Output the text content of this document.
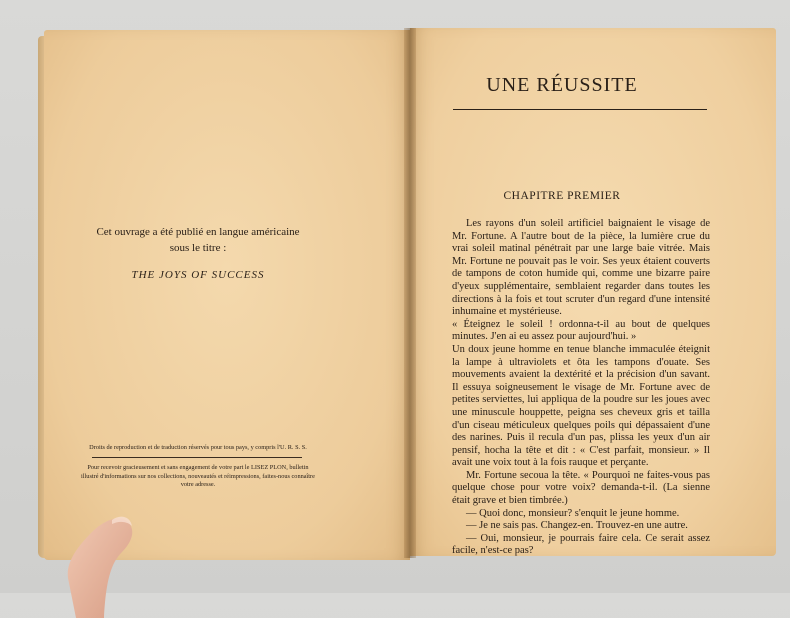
Cet ouvrage a été publié en langue américaine
sous le titre :
THE JOYS OF SUCCESS
Droits de reproduction et de traduction réservés pour tous pays, y compris l'U. R. S. S.
Pour recevoir gracieusement et sans engagement de votre part le LISEZ PLON, bulletin illustré d'informations sur nos collections, nouveautés et réimpressions, faites-nous connaître votre adresse.
UNE RÉUSSITE
CHAPITRE PREMIER

Les rayons d'un soleil artificiel baignaient le visage de Mr. Fortune. A l'autre bout de la pièce, la lumière crue du vrai soleil matinal pénétrait par une large baie vitrée. Mais Mr. Fortune ne pouvait pas le voir. Ses yeux étaient couverts de tampons de coton humide qui, comme une bizarre paire d'yeux supplémentaire, semblaient regarder dans toutes les directions à la fois et tout scruter d'un regard d'une intensité inhumaine et mystérieuse.

« Éteignez le soleil ! ordonna-t-il au bout de quelques minutes. J'en ai eu assez pour aujourd'hui. »

Un doux jeune homme en tenue blanche immaculée éteignit la lampe à ultraviolets et ôta les tampons d'ouate. Ses mouvements avaient la dextérité et la précision d'un savant. Il essuya soigneusement le visage de Mr. Fortune avec de petites serviettes, lui appliqua de la poudre sur les joues avec une minuscule houppette, peigna ses cheveux gris et tailla d'un ciseau méticuleux quelques poils qui dépassaient d'une des narines. Puis il recula d'un pas, plissa les yeux d'un air pensif, hocha la tête et dit : « C'est parfait, monsieur. » Il avait une voix tout à la fois rauque et perçante.

Mr. Fortune secoua la tête. « Pourquoi ne faites-vous pas quelque chose pour votre voix? demanda-t-il. (La sienne était grave et bien timbrée.)

— Quoi donc, monsieur? s'enquit le jeune homme.

— Je ne sais pas. Changez-en. Trouvez-en une autre.

— Oui, monsieur, je pourrais faire cela. Ce serait assez facile, n'est-ce pas?
